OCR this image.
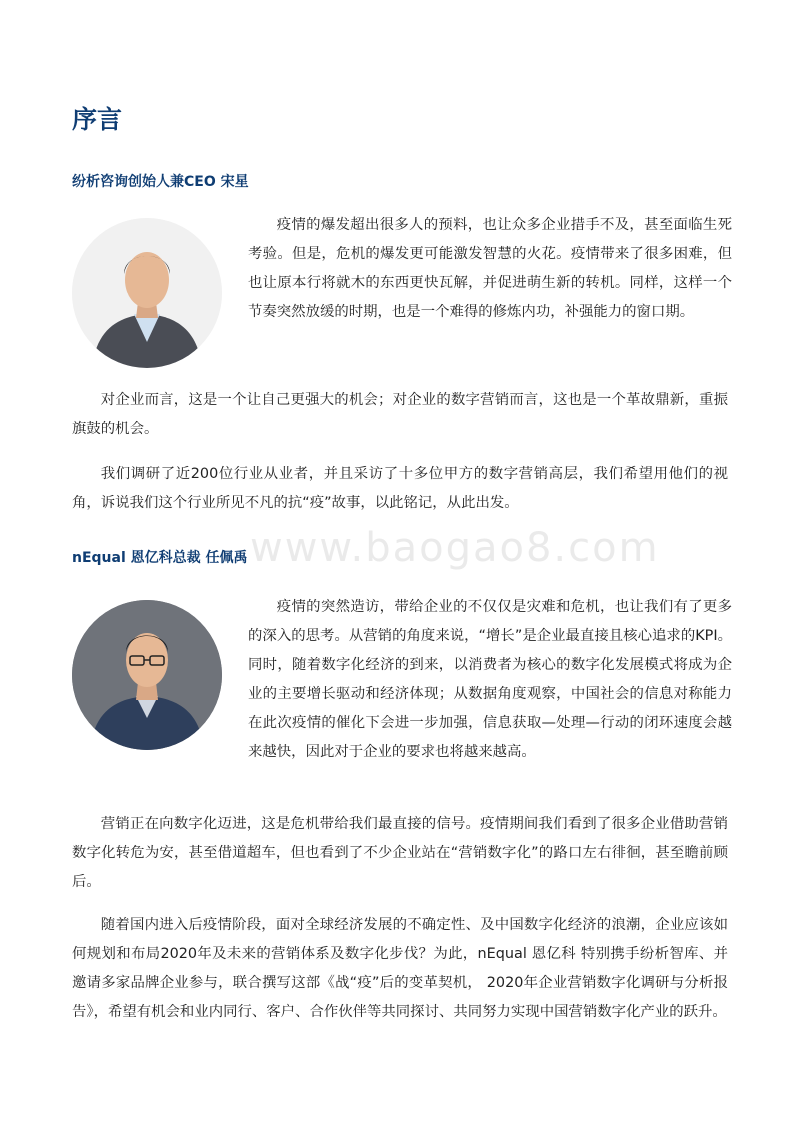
序言
纷析咨询创始人兼CEO 宋星

疫情的爆发超出很多人的预料，也让众多企业措手不及，甚至面临生死考验。但是，危机的爆发更可能激发智慧的火花。疫情带来了很多困难，但也让原本行将就木的东西更快瓦解，并促进萌生新的转机。同样，这样一个节奏突然放缓的时期，也是一个难得的修炼内功，补强能力的窗口期。

对企业而言，这是一个让自己更强大的机会；对企业的数字营销而言，这也是一个革故鼎新，重振旗鼓的机会。

我们调研了近200位行业从业者，并且采访了十多位甲方的数字营销高层，我们希望用他们的视角，诉说我们这个行业所见不凡的抗“疫”故事，以此铭记，从此出发。

www.baogao8.com
nEqual 恩亿科总裁 任佩禹

疫情的突然造访，带给企业的不仅仅是灾难和危机，也让我们有了更多的深入的思考。从营销的角度来说，“增长”是企业最直接且核心追求的KPI。同时，随着数字化经济的到来，以消费者为核心的数字化发展模式将成为企业的主要增长驱动和经济体现；从数据角度观察，中国社会的信息对称能力在此次疫情的催化下会进一步加强，信息获取—处理—行动的闭环速度会越来越快，因此对于企业的要求也将越来越高。

营销正在向数字化迈进，这是危机带给我们最直接的信号。疫情期间我们看到了很多企业借助营销数字化转危为安，甚至借道超车，但也看到了不少企业站在“营销数字化”的路口左右徘徊，甚至瞻前顾后。

随着国内进入后疫情阶段，面对全球经济发展的不确定性、及中国数字化经济的浪潮，企业应该如何规划和布局2020年及未来的营销体系及数字化步伐？为此，nEqual 恩亿科 特别携手纷析智库、并邀请多家品牌企业参与，联合撰写这部《战“疫”后的变革契机， 2020年企业营销数字化调研与分析报告》，希望有机会和业内同行、客户、合作伙伴等共同探讨、共同努力实现中国营销数字化产业的跃升。
